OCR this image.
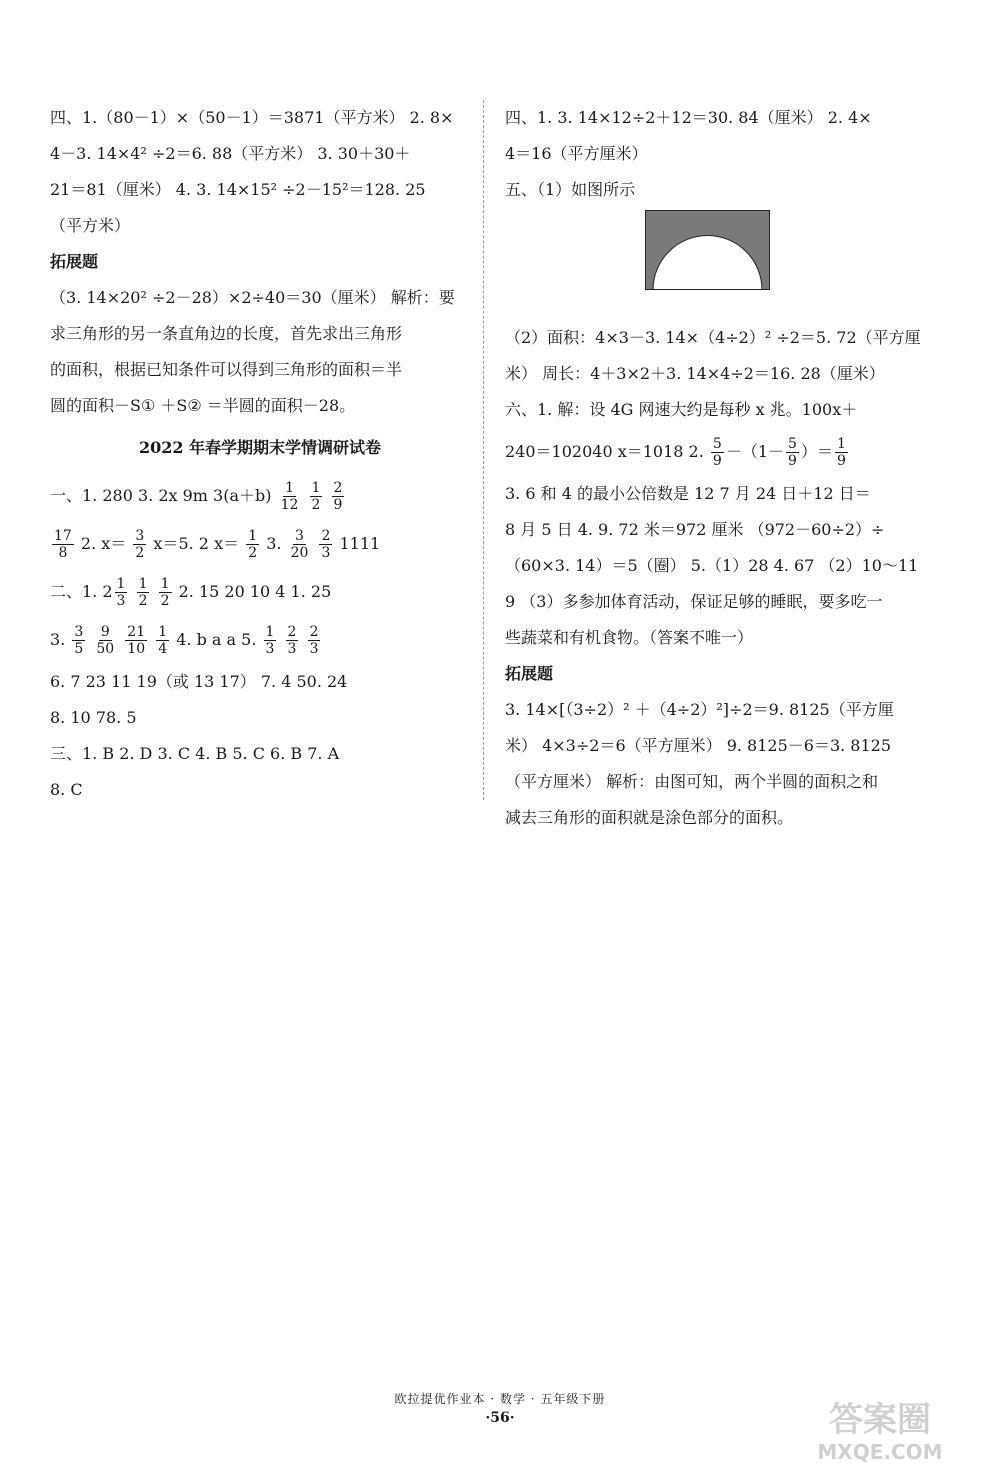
四、1.（80－1）×（50－1）＝3871（平方米） 2. 8×
4－3. 14×4² ÷2＝6. 88（平方米） 3. 30＋30＋
21＝81（厘米） 4. 3. 14×15² ÷2－15²＝128. 25
（平方米）
拓展题
（3. 14×20² ÷2－28）×2÷40＝30（厘米） 解析：要
求三角形的另一条直角边的长度，首先求出三角形
的面积，根据已知条件可以得到三角形的面积＝半
圆的面积－S① ＋S② ＝半圆的面积－28。
2022 年春学期期末学情调研试卷
一、1. 280 3. 2x 9m $3(a+b) \frac{1}{12}$
$\frac{1}{2}$
$\frac{2}{9}$
$\frac{17}{8} 2$. $x= \frac{3}{2} x=5$. 2 $x= \frac{1}{2} 3$. $\frac{3}{20}$
$\frac{2}{3} 1111$
二、1. $2 \frac{1}{3}$
$\frac{1}{2}$
$\frac{1}{2} 2$. 15 20 10 4 1. 25
3. $\frac{3}{5}$
$\frac{9}{50}$
$\frac{21}{10}$
$\frac{1}{4} 4$. b a a 5. $\frac{1}{3}$
$\frac{2}{3}$
$\frac{2}{3}$
6. 7 23 11 19（或 13 17） 7. 4 50. 24
8. 10 78. 5
三、1. B 2. D 3. C 4. B 5. C 6. B 7. A
8. C
四、1. 3. 14×12÷2＋12＝30. 84（厘米） 2. 4×
4＝16（平方厘米）
五、（1）如图所示
（2）面积：4×3－3. 14×（4÷2）² ÷2＝5. 72（平方厘
米） 周长：4＋3×2＋3. 14×4÷2＝16. 28（厘米）
六、1. 解：设 4G 网速大约是每秒 x 兆。100x＋
240＝102040 x＝1018 2. $\frac{5}{9} -(1- \frac{5}{9}$ ）＝ $\frac{1}{9}$
3. 6 和 4 的最小公倍数是 12 7 月 24 日＋12 日＝
8 月 5 日 4. 9. 72 米＝972 厘米 （972－60÷2）÷
（60×3. 14）＝5（圈） 5.（1）28 4. 67 （2）10～11
9 （3）多参加体育活动，保证足够的睡眠，要多吃一
些蔬菜和有机食物。（答案不唯一）
拓展题
3. 14×[（3÷2）² ＋（4÷2）²]÷2＝9. 8125（平方厘
米） 4×3÷2＝6（平方厘米） 9. 8125－6＝3. 8125
（平方厘米） 解析：由图可知，两个半圆的面积之和
减去三角形的面积就是涂色部分的面积。
欧拉提优作业本 · 数学 · 五年级下册
·56·	答案圈
MXQE.COM
